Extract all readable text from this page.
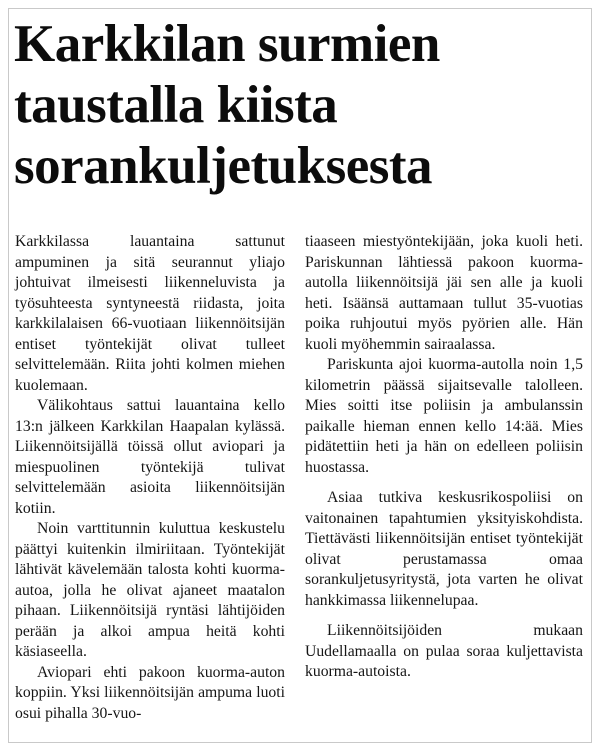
Karkkilan surmien
taustalla kiista
sorankuljetuksesta

Karkkilassa lauantaina sattunut ampuminen ja sitä seurannut yliajo johtuivat ilmeisesti liikenneluvista ja työsuhteesta syntyneestä riidasta, joita karkkilalaisen 66-vuotiaan liikennöitsijän entiset työntekijät olivat tulleet selvittelemään. Riita johti kolmen miehen kuolemaan.

Välikohtaus sattui lauantaina kello 13:n jälkeen Karkkilan Haapalan kylässä. Liikennöitsijällä töissä ollut aviopari ja miespuolinen työntekijä tulivat selvittelemään asioita liikennöitsijän kotiin.

Noin varttitunnin kuluttua keskustelu päättyi kuitenkin ilmiriitaan. Työntekijät lähtivät kävelemään talosta kohti kuorma-autoa, jolla he olivat ajaneet maatalon pihaan. Liikennöitsijä ryntäsi lähtijöiden perään ja alkoi ampua heitä kohti käsiaseella.

Aviopari ehti pakoon kuorma-auton koppiin. Yksi liikennöitsijän ampuma luoti osui pihalla 30-vuo-

tiaaseen miestyöntekijään, joka kuoli heti. Pariskunnan lähtiessä pakoon kuorma-autolla liikennöitsijä jäi sen alle ja kuoli heti. Isäänsä auttamaan tullut 35-vuotias poika ruhjoutui myös pyörien alle. Hän kuoli myöhemmin sairaalassa.

Pariskunta ajoi kuorma-autolla noin 1,5 kilometrin päässä sijaitsevalle talolleen. Mies soitti itse poliisin ja ambulanssin paikalle hieman ennen kello 14:ää. Mies pidätettiin heti ja hän on edelleen poliisin huostassa.

Asiaa tutkiva keskusrikospoliisi on vaitonainen tapahtumien yksityiskohdista. Tiettävästi liikennöitsijän entiset työntekijät olivat perustamassa omaa sorankuljetusyritystä, jota varten he olivat hankkimassa liikennelupaa.

Liikennöitsijöiden mukaan Uudellamaalla on pulaa soraa kuljettavista kuorma-autoista.
